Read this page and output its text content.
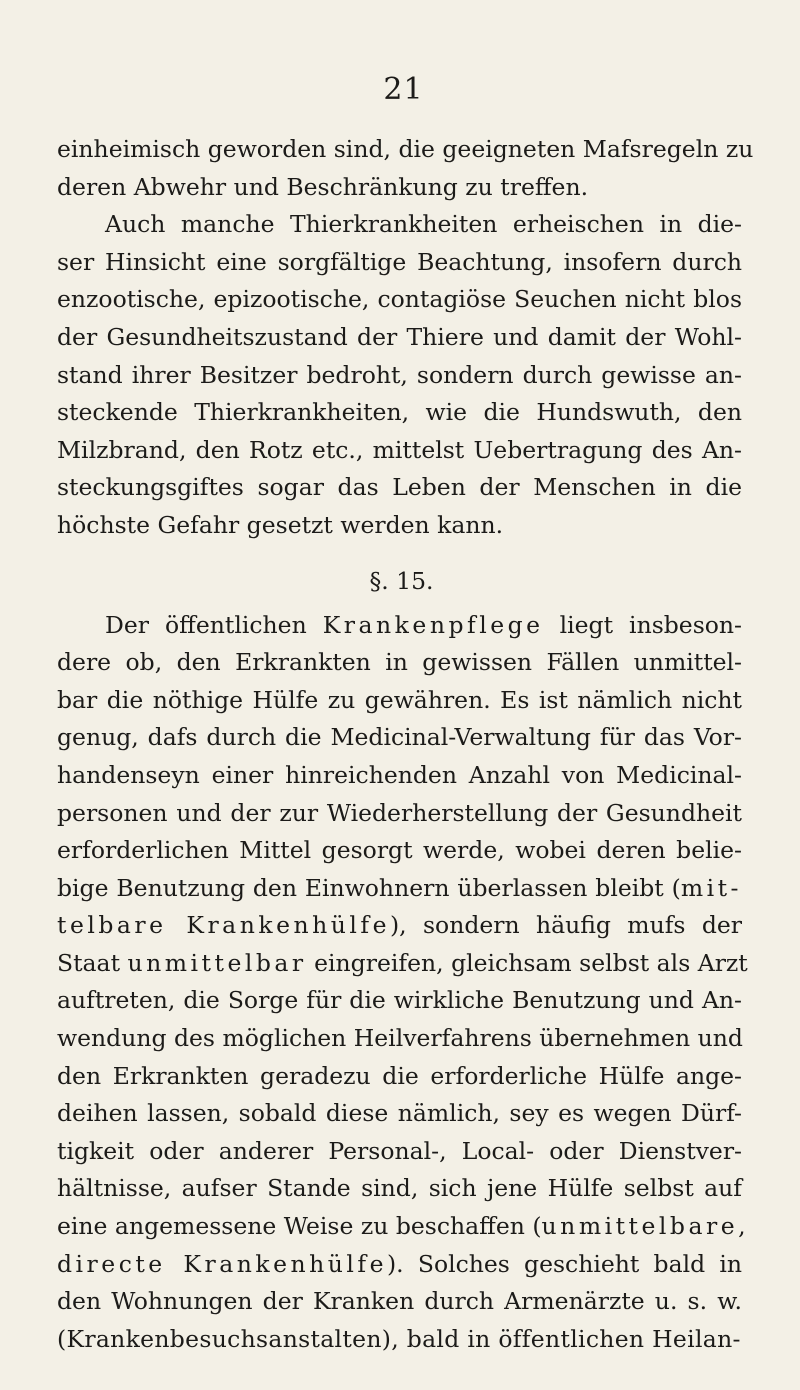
21

einheimisch geworden sind, die geeigneten Mafsregeln zu
deren Abwehr und Beschränkung zu treffen.

Auch manche Thierkrankheiten erheischen in die-
ser Hinsicht eine sorgfältige Beachtung, insofern durch
enzootische, epizootische, contagiöse Seuchen nicht blos
der Gesundheitszustand der Thiere und damit der Wohl-
stand ihrer Besitzer bedroht, sondern durch gewisse an-
steckende Thierkrankheiten, wie die Hundswuth, den
Milzbrand, den Rotz etc., mittelst Uebertragung des An-
steckungsgiftes sogar das Leben der Menschen in die
höchste Gefahr gesetzt werden kann.

§. 15.

Der öffentlichen Krankenpflege liegt insbeson-
dere ob, den Erkrankten in gewissen Fällen unmittel-
bar die nöthige Hülfe zu gewähren. Es ist nämlich nicht
genug, dafs durch die Medicinal-Verwaltung für das Vor-
handenseyn einer hinreichenden Anzahl von Medicinal-
personen und der zur Wiederherstellung der Gesundheit
erforderlichen Mittel gesorgt werde, wobei deren belie-
bige Benutzung den Einwohnern überlassen bleibt (mit-
telbare Krankenhülfe), sondern häufig mufs der
Staat unmittelbar eingreifen, gleichsam selbst als Arzt
auftreten, die Sorge für die wirkliche Benutzung und An-
wendung des möglichen Heilverfahrens übernehmen und
den Erkrankten geradezu die erforderliche Hülfe ange-
deihen lassen, sobald diese nämlich, sey es wegen Dürf-
tigkeit oder anderer Personal-, Local- oder Dienstver-
hältnisse, aufser Stande sind, sich jene Hülfe selbst auf
eine angemessene Weise zu beschaffen (unmittelbare,
directe Krankenhülfe). Solches geschieht bald in
den Wohnungen der Kranken durch Armenärzte u. s. w.
(Krankenbesuchsanstalten), bald in öffentlichen Heilan-
